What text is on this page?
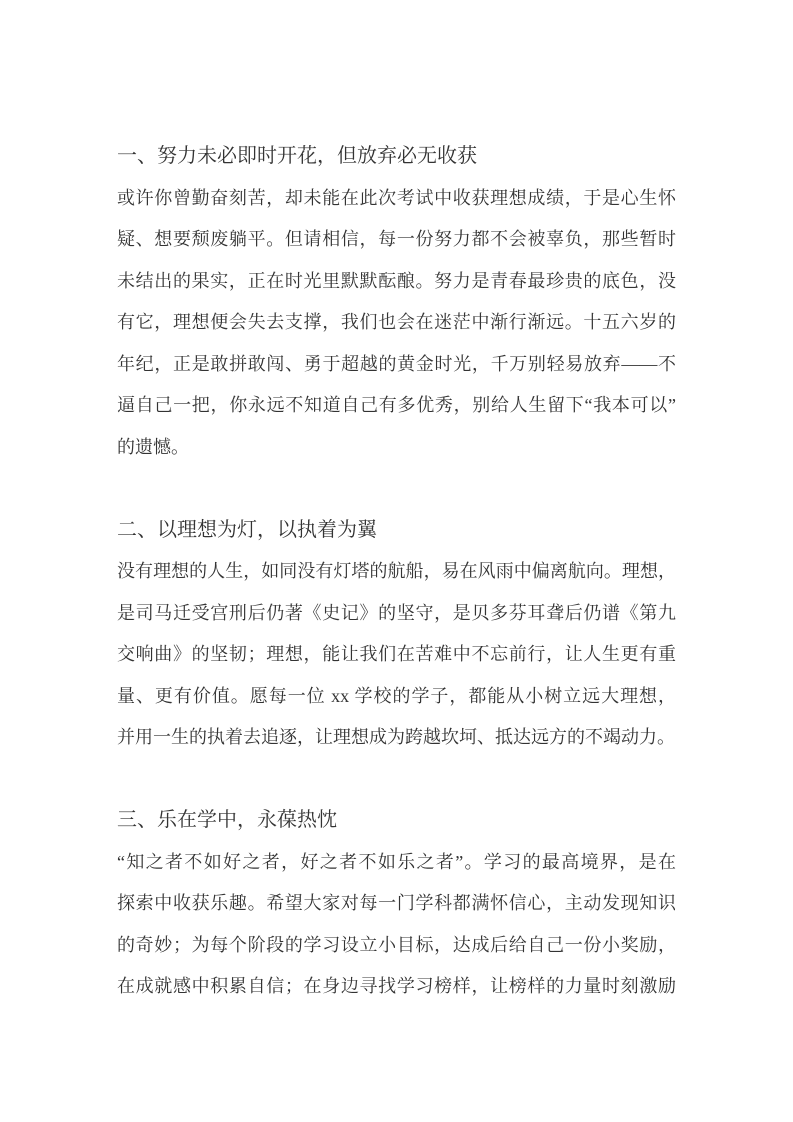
一、努力未必即时开花，但放弃必无收获
或许你曾勤奋刻苦，却未能在此次考试中收获理想成绩，于是心生怀
疑、想要颓废躺平。但请相信，每一份努力都不会被辜负，那些暂时
未结出的果实，正在时光里默默酝酿。努力是青春最珍贵的底色，没
有它，理想便会失去支撑，我们也会在迷茫中渐行渐远。十五六岁的
年纪，正是敢拼敢闯、勇于超越的黄金时光，千万别轻易放弃——不
逼自己一把，你永远不知道自己有多优秀，别给人生留下“我本可以”
的遗憾。
二、以理想为灯，以执着为翼
没有理想的人生，如同没有灯塔的航船，易在风雨中偏离航向。理想，
是司马迁受宫刑后仍著《史记》的坚守，是贝多芬耳聋后仍谱《第九
交响曲》的坚韧；理想，能让我们在苦难中不忘前行，让人生更有重
量、更有价值。愿每一位 xx 学校的学子，都能从小树立远大理想，
并用一生的执着去追逐，让理想成为跨越坎坷、抵达远方的不竭动力。
三、乐在学中，永葆热忱
“知之者不如好之者，好之者不如乐之者”。学习的最高境界，是在
探索中收获乐趣。希望大家对每一门学科都满怀信心，主动发现知识
的奇妙；为每个阶段的学习设立小目标，达成后给自己一份小奖励，
在成就感中积累自信；在身边寻找学习榜样，让榜样的力量时刻激励
